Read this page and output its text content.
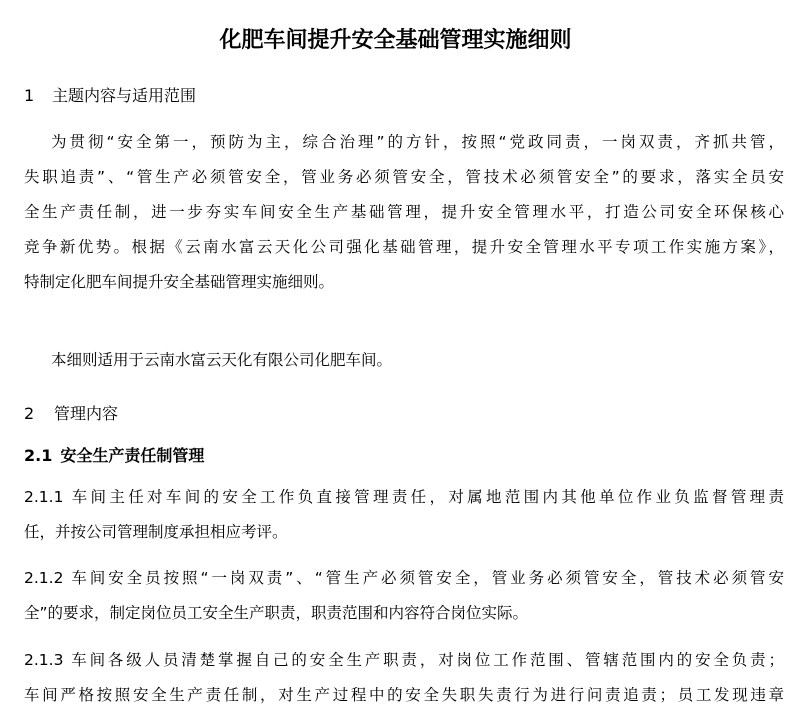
化肥车间提升安全基础管理实施细则
1 主题内容与适用范围
为贯彻“安全第一，预防为主，综合治理”的方针，按照“党政同责，一岗双责，齐抓共管，
失职追责”、“管生产必须管安全，管业务必须管安全，管技术必须管安全”的要求，落实全员安
全生产责任制，进一步夯实车间安全生产基础管理，提升安全管理水平，打造公司安全环保核心
竞争新优势。根据《云南水富云天化公司强化基础管理，提升安全管理水平专项工作实施方案》，
特制定化肥车间提升安全基础管理实施细则。
本细则适用于云南水富云天化有限公司化肥车间。
2 管理内容
2.1 安全生产责任制管理
2.1.1 车间主任对车间的安全工作负直接管理责任，对属地范围内其他单位作业负监督管理责
任，并按公司管理制度承担相应考评。
2.1.2 车间安全员按照“一岗双责”、“管生产必须管安全，管业务必须管安全，管技术必须管安
全”的要求，制定岗位员工安全生产职责，职责范围和内容符合岗位实际。
2.1.3 车间各级人员清楚掌握自己的安全生产职责，对岗位工作范围、管辖范围内的安全负责；
车间严格按照安全生产责任制，对生产过程中的安全失职失责行为进行问责追责；员工发现违章
